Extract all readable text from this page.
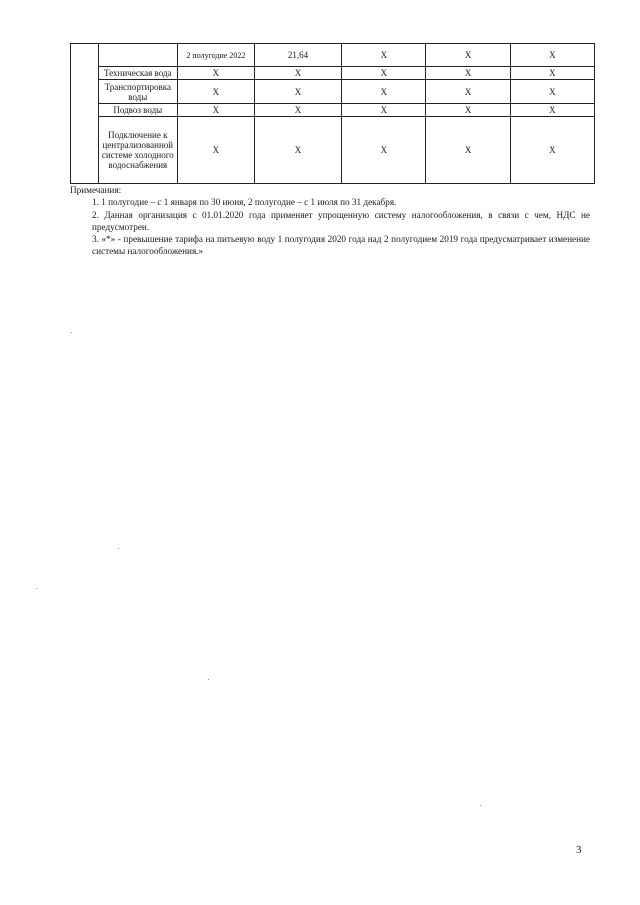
		2 полугодие 2022	21,64	Х	Х	Х
	Техническая вода	Х	Х	Х	Х	Х
	Транспортировка воды	Х	Х	Х	Х	Х
	Подвоз воды	Х	Х	Х	Х	Х
	Подключение к централизованной системе холодного водоснабжения	Х	Х	Х	Х	Х

Примечания:

1. 1 полугодие – с 1 января по 30 июня, 2 полугодие – с 1 июля по 31 декабря.

2. Данная организация с 01.01.2020 года применяет упрощенную систему налогообложения, в связи с чем, НДС не предусмотрен.

3. «*» - превышение тарифа на питьевую воду 1 полугодия 2020 года над 2 полугодием 2019 года предусматривает изменение системы налогообложения.»

3
